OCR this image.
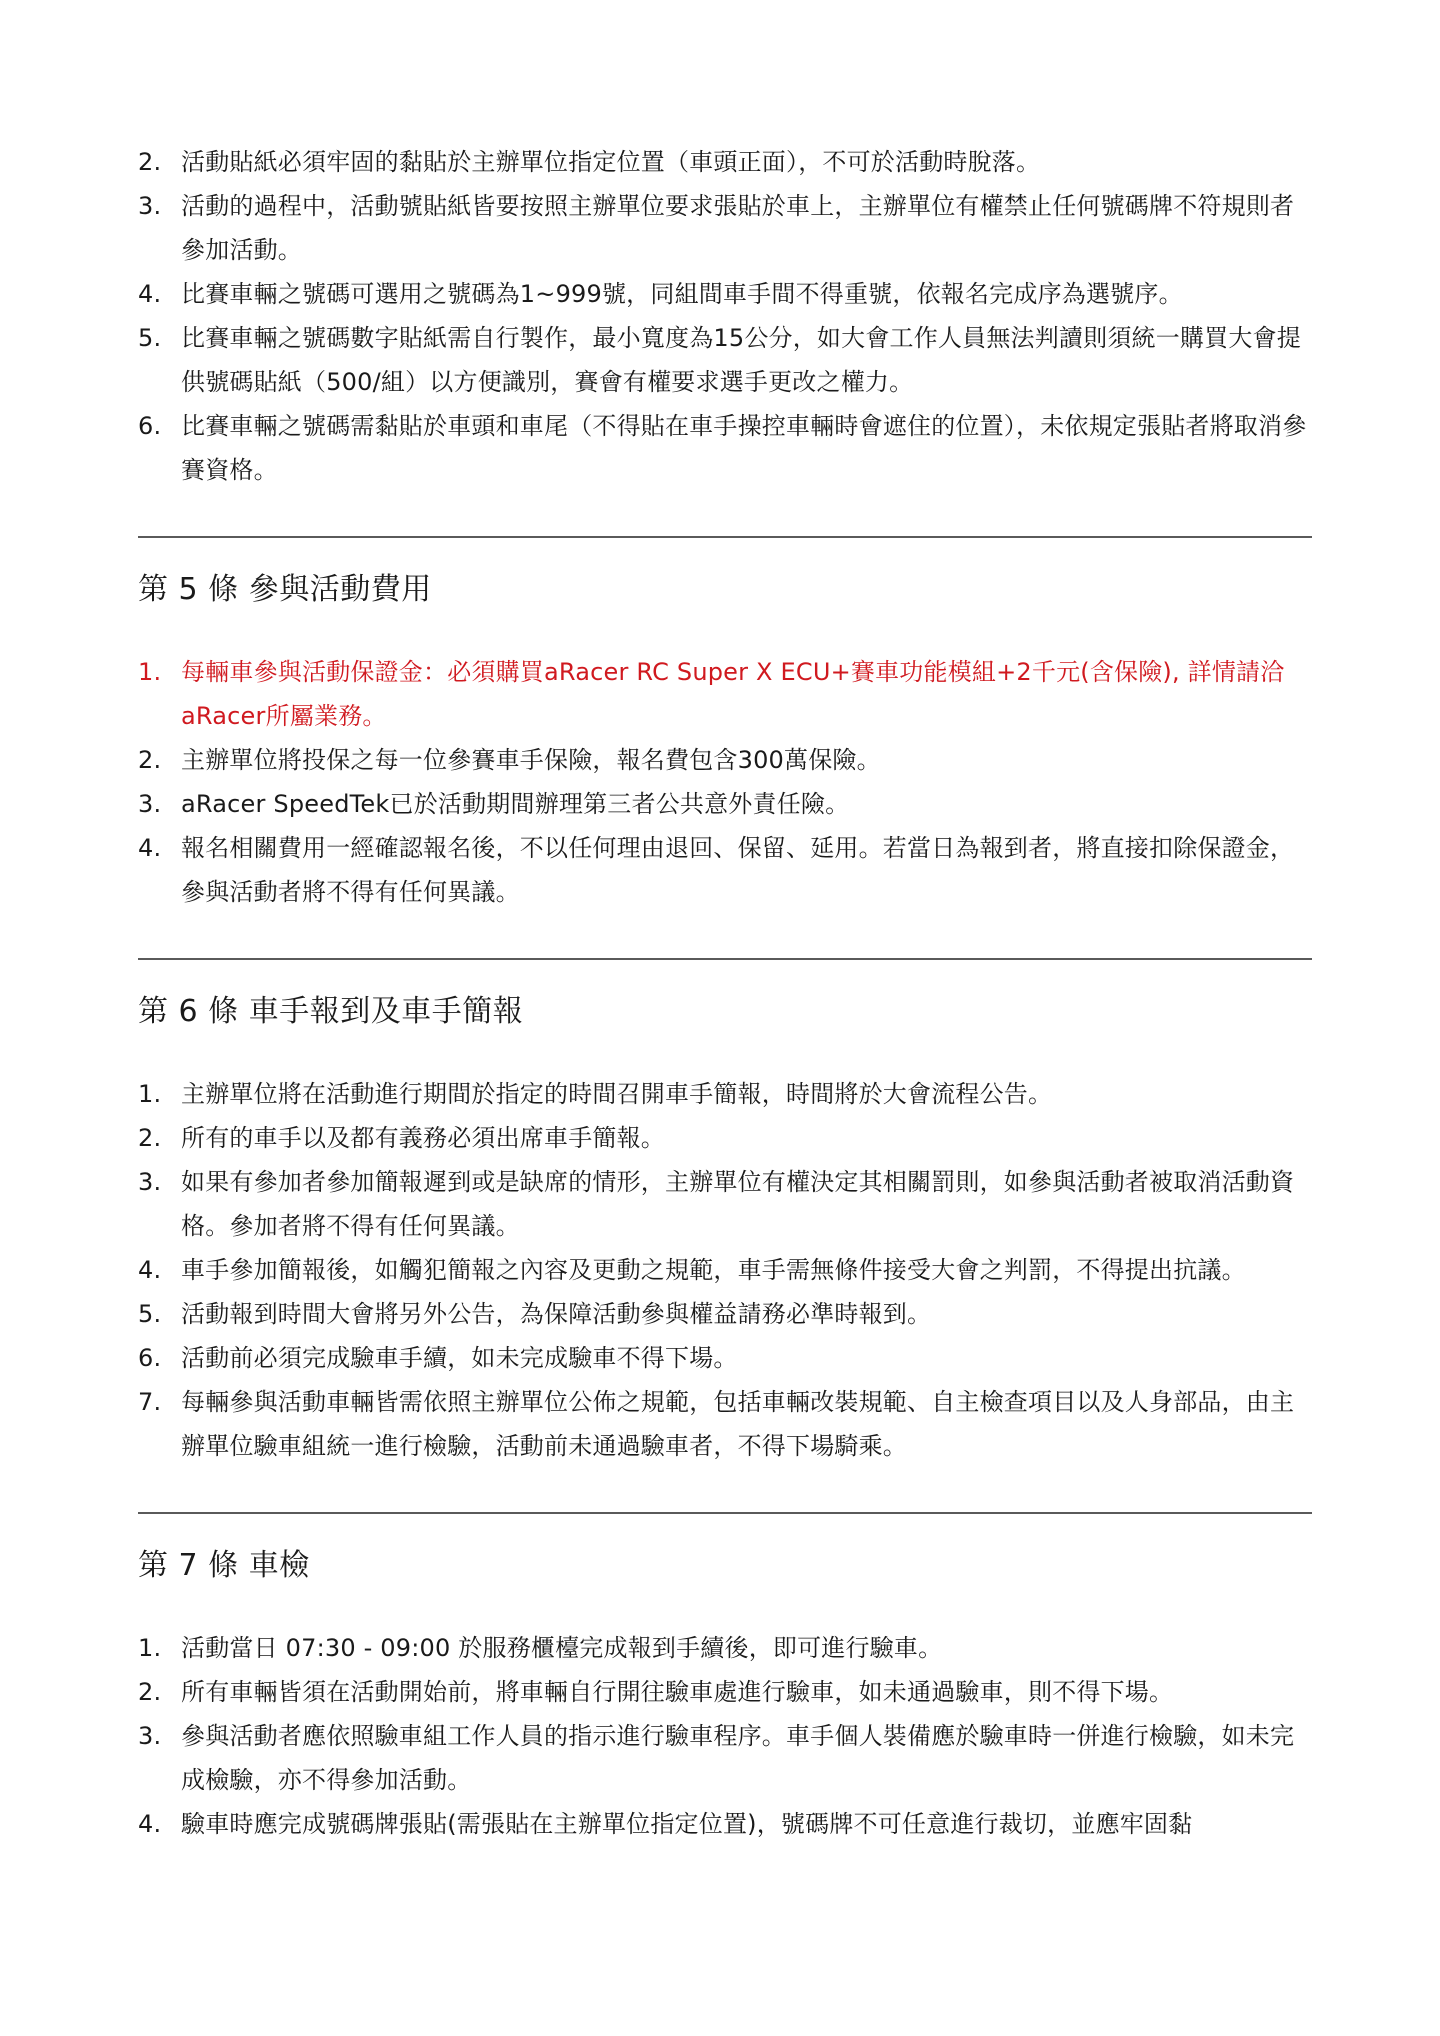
2. 活動貼紙必須牢固的黏貼於主辦單位指定位置（車頭正面），不可於活動時脫落。
3. 活動的過程中，活動號貼紙皆要按照主辦單位要求張貼於車上，主辦單位有權禁止任何號碼牌不符規則者參加活動。
4. 比賽車輛之號碼可選用之號碼為1~999號，同組間車手間不得重號，依報名完成序為選號序。
5. 比賽車輛之號碼數字貼紙需自行製作，最小寬度為15公分，如大會工作人員無法判讀則須統一購買大會提供號碼貼紙（500/組）以方便識別，賽會有權要求選手更改之權力。
6. 比賽車輛之號碼需黏貼於車頭和車尾（不得貼在車手操控車輛時會遮住的位置），未依規定張貼者將取消參賽資格。
第 5 條 參與活動費用
1. 每輛車參與活動保證金：必須購買aRacer RC Super X ECU+賽車功能模組+2千元(含保險), 詳情請洽aRacer所屬業務。
2. 主辦單位將投保之每一位參賽車手保險，報名費包含300萬保險。
3. aRacer SpeedTek已於活動期間辦理第三者公共意外責任險。
4. 報名相關費用一經確認報名後，不以任何理由退回、保留、延用。若當日為報到者，將直接扣除保證金，參與活動者將不得有任何異議。
第 6 條 車手報到及車手簡報
1. 主辦單位將在活動進行期間於指定的時間召開車手簡報，時間將於大會流程公告。
2. 所有的車手以及都有義務必須出席車手簡報。
3. 如果有參加者參加簡報遲到或是缺席的情形，主辦單位有權決定其相關罰則，如參與活動者被取消活動資格。參加者將不得有任何異議。
4. 車手參加簡報後，如觸犯簡報之內容及更動之規範，車手需無條件接受大會之判罰，不得提出抗議。
5. 活動報到時間大會將另外公告，為保障活動參與權益請務必準時報到。
6. 活動前必須完成驗車手續，如未完成驗車不得下場。
7. 每輛參與活動車輛皆需依照主辦單位公佈之規範，包括車輛改裝規範、自主檢查項目以及人身部品，由主辦單位驗車組統一進行檢驗，活動前未通過驗車者，不得下場騎乘。
第 7 條 車檢
1. 活動當日 07:30 - 09:00 於服務櫃檯完成報到手續後，即可進行驗車。
2. 所有車輛皆須在活動開始前，將車輛自行開往驗車處進行驗車，如未通過驗車，則不得下場。
3. 參與活動者應依照驗車組工作人員的指示進行驗車程序。車手個人裝備應於驗車時一併進行檢驗，如未完成檢驗，亦不得參加活動。
4. 驗車時應完成號碼牌張貼(需張貼在主辦單位指定位置)，號碼牌不可任意進行裁切，並應牢固黏
